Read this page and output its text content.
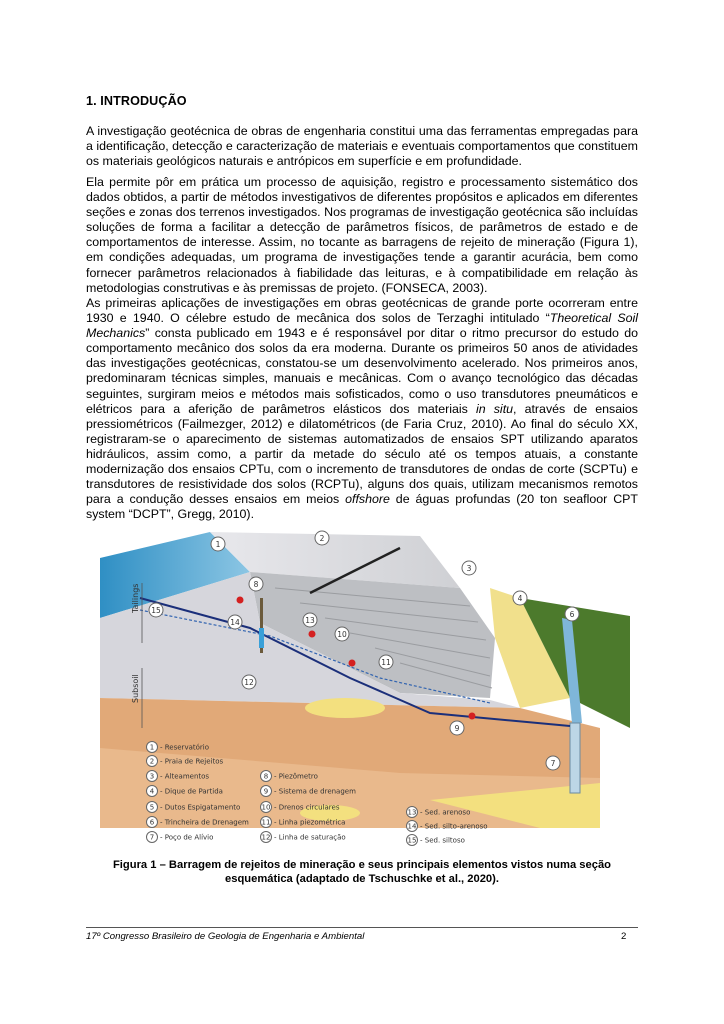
1. INTRODUÇÃO

A investigação geotécnica de obras de engenharia constitui uma das ferramentas empregadas para a identificação, detecção e caracterização de materiais e eventuais comportamentos que constituem os materiais geológicos naturais e antrópicos em superfície e em profundidade.

Ela permite pôr em prática um processo de aquisição, registro e processamento sistemático dos dados obtidos, a partir de métodos investigativos de diferentes propósitos e aplicados em diferentes seções e zonas dos terrenos investigados. Nos programas de investigação geotécnica são incluídas soluções de forma a facilitar a detecção de parâmetros físicos, de parâmetros de estado e de comportamentos de interesse. Assim, no tocante as barragens de rejeito de mineração (Figura 1), em condições adequadas, um programa de investigações tende a garantir acurácia, bem como fornecer parâmetros relacionados à fiabilidade das leituras, e à compatibilidade em relação às metodologias construtivas e às premissas de projeto. (FONSECA, 2003).

As primeiras aplicações de investigações em obras geotécnicas de grande porte ocorreram entre 1930 e 1940. O célebre estudo de mecânica dos solos de Terzaghi intitulado “Theoretical Soil Mechanics” consta publicado em 1943 e é responsável por ditar o ritmo precursor do estudo do comportamento mecânico dos solos da era moderna. Durante os primeiros 50 anos de atividades das investigações geotécnicas, constatou-se um desenvolvimento acelerado. Nos primeiros anos, predominaram técnicas simples, manuais e mecânicas. Com o avanço tecnológico das décadas seguintes, surgiram meios e métodos mais sofisticados, como o uso transdutores pneumáticos e elétricos para a aferição de parâmetros elásticos dos materiais in situ, através de ensaios pressiométricos (Failmezger, 2012) e dilatométricos (de Faria Cruz, 2010). Ao final do século XX, registraram-se o aparecimento de sistemas automatizados de ensaios SPT utilizando aparatos hidráulicos, assim como, a partir da metade do século até os tempos atuais, a constante modernização dos ensaios CPTu, com o incremento de transdutores de ondas de corte (SCPTu) e transdutores de resistividade dos solos (RCPTu), alguns dos quais, utilizam mecanismos remotos para a condução desses ensaios em meios offshore de águas profundas (20 ton seafloor CPT system “DCPT”, Gregg, 2010).

Tailings
Subsoil
1
2
3
4
6
7
8
9
10
11
12
13
14
15
1 - Reservatório
2 - Praia de Rejeitos
3 - Alteamentos
4 - Dique de Partida
5 - Dutos Espigatamento
6 - Trincheira de Drenagem
7 - Poço de Alívio
8 - Piezômetro
9 - Sistema de drenagem
10 - Drenos circulares
11 - Linha piezométrica
12 - Linha de saturação
13 - Sed. arenoso
14 - Sed. silto-arenoso
15 - Sed. siltoso
Figura 1 – Barragem de rejeitos de mineração e seus principais elementos vistos numa seção
esquemática (adaptado de Tschuschke et al., 2020).
17º Congresso Brasileiro de Geologia de Engenharia e Ambiental	2
